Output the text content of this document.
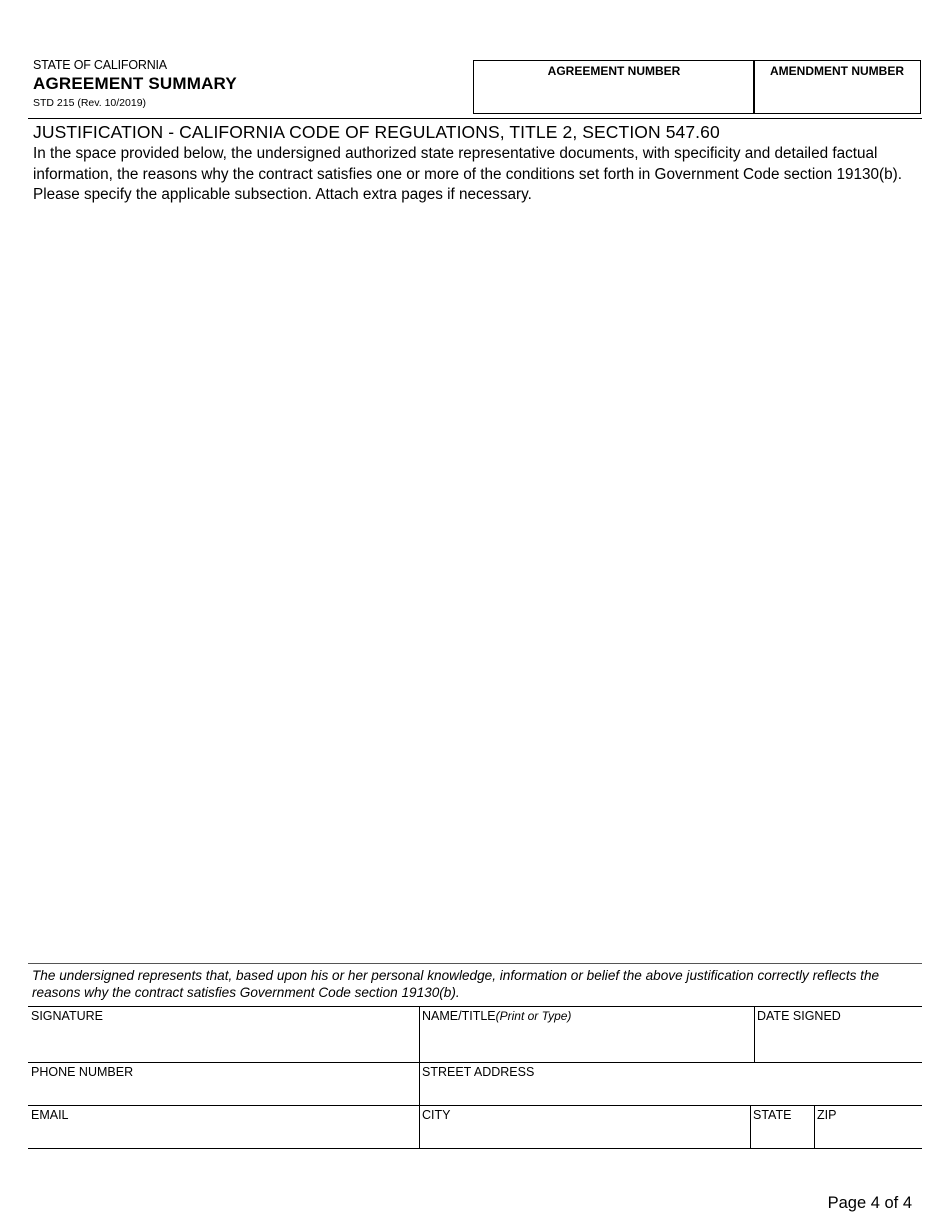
STATE OF CALIFORNIA
AGREEMENT SUMMARY
STD 215 (Rev. 10/2019)
AGREEMENT NUMBER	AMENDMENT NUMBER
JUSTIFICATION - CALIFORNIA CODE OF REGULATIONS, TITLE 2, SECTION 547.60
In the space provided below, the undersigned authorized state representative documents, with specificity and detailed factual information, the reasons why the contract satisfies one or more of the conditions set forth in Government Code section 19130(b). Please specify the applicable subsection. Attach extra pages if necessary.
The undersigned represents that, based upon his or her personal knowledge, information or belief the above justification correctly reflects the reasons why the contract satisfies Government Code section 19130(b).
SIGNATURE	NAME/TITLE(Print or Type)	DATE SIGNED
PHONE NUMBER	STREET ADDRESS
EMAIL	CITY	STATE ZIP
Page 4 of 4
